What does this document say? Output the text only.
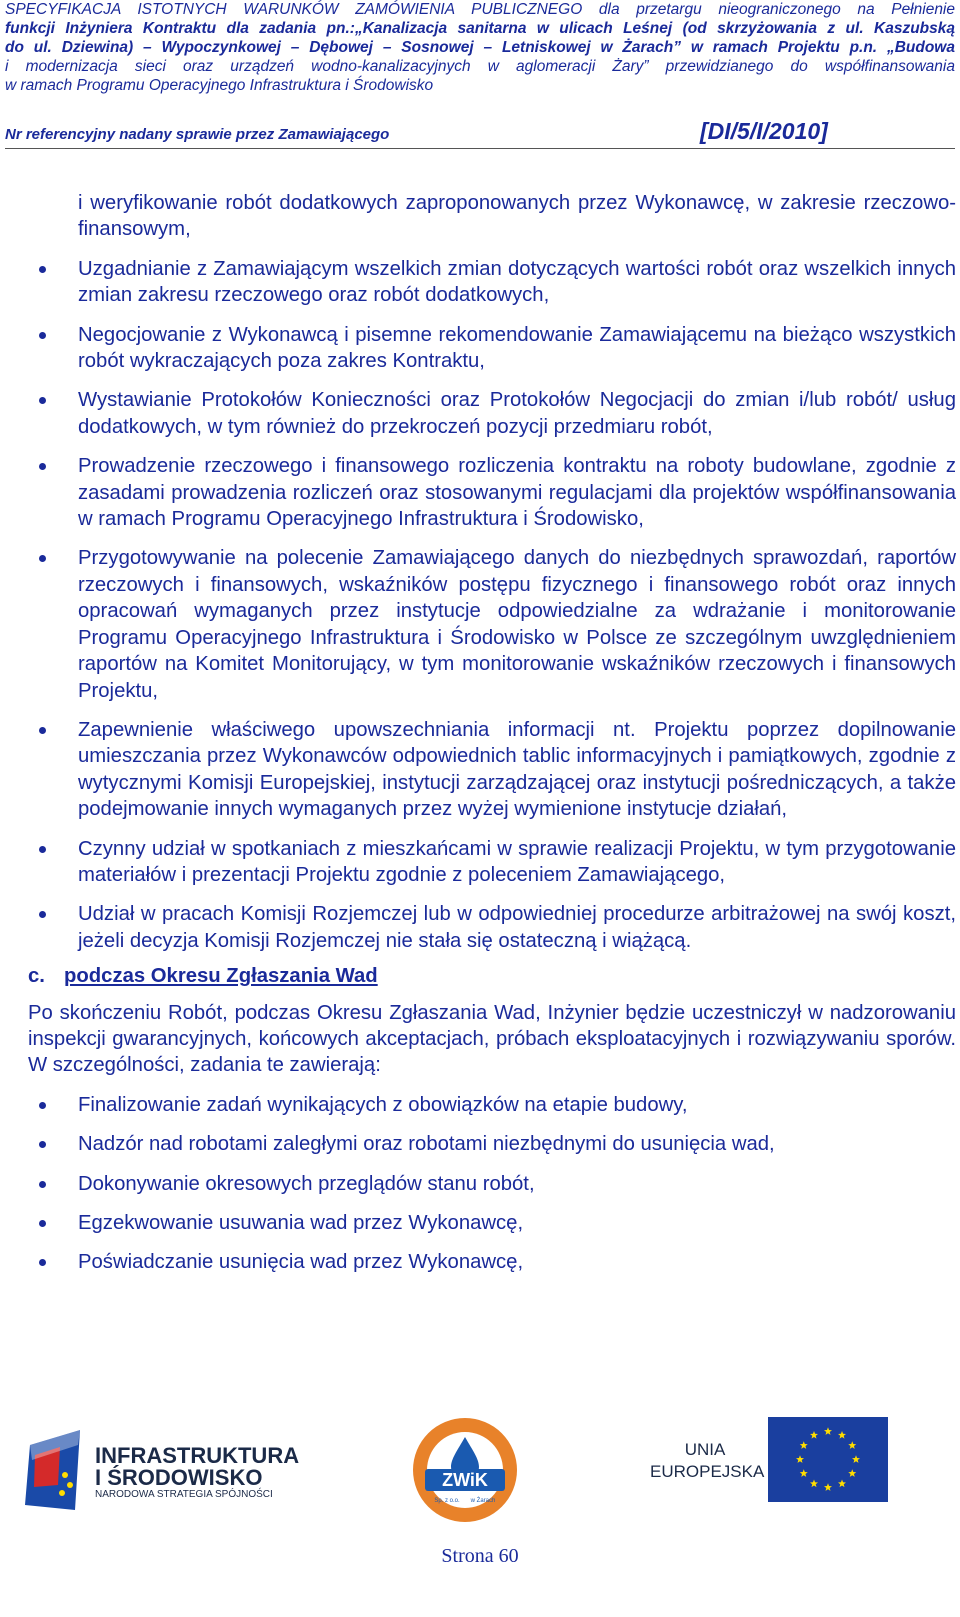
SPECYFIKACJA ISTOTNYCH WARUNKÓW ZAMÓWIENIA PUBLICZNEGO dla przetargu nieograniczonego na Pełnienie
funkcji Inżyniera Kontraktu dla zadania pn.:„Kanalizacja sanitarna w ulicach Leśnej (od skrzyżowania z ul. Kaszubską
do ul. Dziewina) – Wypoczynkowej – Dębowej – Sosnowej – Letniskowej w Żarach” w ramach Projektu p.n. „Budowa
i modernizacja sieci oraz urządzeń wodno-kanalizacyjnych w aglomeracji Żary” przewidzianego do współfinansowania
w ramach Programu Operacyjnego Infrastruktura i Środowisko
Nr referencyjny nadany sprawie przez Zamawiającego	[DI/5/I/2010]
i weryfikowanie robót dodatkowych zaproponowanych przez Wykonawcę, w zakresie rzeczowo-finansowym,
Uzgadnianie z Zamawiającym wszelkich zmian dotyczących wartości robót oraz wszelkich innych zmian zakresu rzeczowego oraz robót dodatkowych,
Negocjowanie z Wykonawcą i pisemne rekomendowanie Zamawiającemu na bieżąco wszystkich robót wykraczających poza zakres Kontraktu,
Wystawianie Protokołów Konieczności oraz Protokołów Negocjacji do zmian i/lub robót/ usług dodatkowych, w tym również do przekroczeń pozycji przedmiaru robót,
Prowadzenie rzeczowego i finansowego rozliczenia kontraktu na roboty budowlane, zgodnie z zasadami prowadzenia rozliczeń oraz stosowanymi regulacjami dla projektów współfinansowania w ramach Programu Operacyjnego Infrastruktura i Środowisko,
Przygotowywanie na polecenie Zamawiającego danych do niezbędnych sprawozdań, raportów rzeczowych i finansowych, wskaźników postępu fizycznego i finansowego robót oraz innych opracowań wymaganych przez instytucje odpowiedzialne za wdrażanie i monitorowanie Programu Operacyjnego Infrastruktura i Środowisko w Polsce ze szczególnym uwzględnieniem raportów na Komitet Monitorujący, w tym monitorowanie wskaźników rzeczowych i finansowych Projektu,
Zapewnienie właściwego upowszechniania informacji nt. Projektu poprzez dopilnowanie umieszczania przez Wykonawców odpowiednich tablic informacyjnych i pamiątkowych, zgodnie z wytycznymi Komisji Europejskiej, instytucji zarządzającej oraz instytucji pośredniczących, a także podejmowanie innych wymaganych przez wyżej wymienione instytucje działań,
Czynny udział w spotkaniach z mieszkańcami w sprawie realizacji Projektu, w tym przygotowanie materiałów i prezentacji Projektu zgodnie z poleceniem Zamawiającego,
Udział w pracach Komisji Rozjemczej lub w odpowiedniej procedurze arbitrażowej na swój koszt, jeżeli decyzja Komisji Rozjemczej nie stała się ostateczną i wiążącą.
c. podczas Okresu Zgłaszania Wad

Po skończeniu Robót, podczas Okresu Zgłaszania Wad, Inżynier będzie uczestniczył w nadzorowaniu inspekcji gwarancyjnych, końcowych akceptacjach, próbach eksploatacyjnych i rozwiązywaniu sporów. W szczególności, zadania te zawierają:

Finalizowanie zadań wynikających z obowiązków na etapie budowy,
Nadzór nad robotami zaległymi oraz robotami niezbędnymi do usunięcia wad,
Dokonywanie okresowych przeglądów stanu robót,
Egzekwowanie usuwania wad przez Wykonawcę,
Poświadczanie usunięcia wad przez Wykonawcę,
INFRASTRUKTURA
I ŚRODOWISKO
NARODOWA STRATEGIA SPÓJNOŚCI
ZWiK
Sp. z o.o. w Żarach
UNIA
EUROPEJSKA
Strona 60
